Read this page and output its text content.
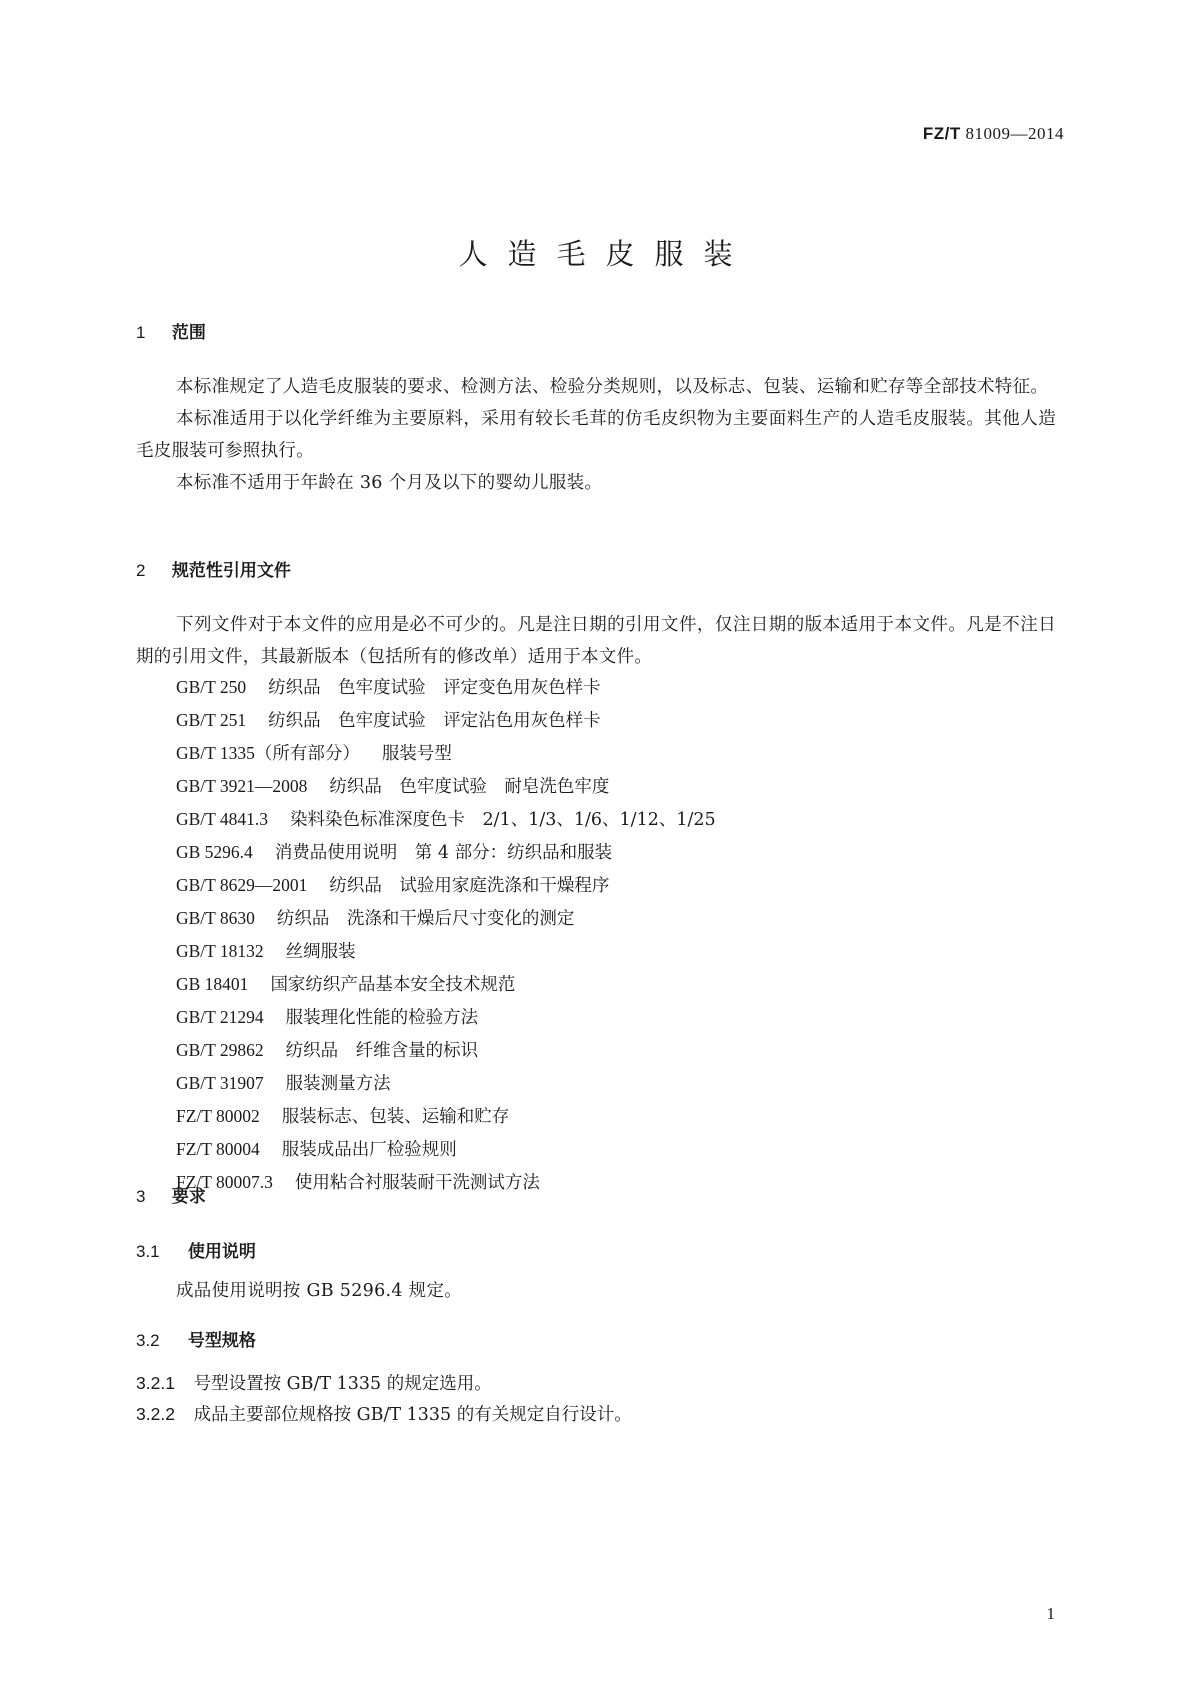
FZ/T 81009—2014
人造毛皮服装
1 范围

本标准规定了人造毛皮服装的要求、检测方法、检验分类规则，以及标志、包装、运输和贮存等全部技术特征。

本标准适用于以化学纤维为主要原料，采用有较长毛茸的仿毛皮织物为主要面料生产的人造毛皮服装。其他人造毛皮服装可参照执行。

本标准不适用于年龄在 36 个月及以下的婴幼儿服装。

2 规范性引用文件

下列文件对于本文件的应用是必不可少的。凡是注日期的引用文件，仅注日期的版本适用于本文件。凡是不注日期的引用文件，其最新版本（包括所有的修改单）适用于本文件。

GB/T 250 纺织品　色牢度试验　评定变色用灰色样卡
GB/T 251 纺织品　色牢度试验　评定沾色用灰色样卡
GB/T 1335（所有部分） 服装号型
GB/T 3921—2008 纺织品　色牢度试验　耐皂洗色牢度
GB/T 4841.3 染料染色标准深度色卡　2/1、1/3、1/6、1/12、1/25
GB 5296.4 消费品使用说明　第 4 部分：纺织品和服装
GB/T 8629—2001 纺织品　试验用家庭洗涤和干燥程序
GB/T 8630 纺织品　洗涤和干燥后尺寸变化的测定
GB/T 18132 丝绸服装
GB 18401 国家纺织产品基本安全技术规范
GB/T 21294 服装理化性能的检验方法
GB/T 29862 纺织品　纤维含量的标识
GB/T 31907 服装测量方法
FZ/T 80002 服装标志、包装、运输和贮存
FZ/T 80004 服装成品出厂检验规则
FZ/T 80007.3 使用粘合衬服装耐干洗测试方法
3 要求
3.1 使用说明

成品使用说明按 GB 5296.4 规定。

3.2 号型规格
3.2.1 号型设置按 GB/T 1335 的规定选用。
3.2.2 成品主要部位规格按 GB/T 1335 的有关规定自行设计。
1
